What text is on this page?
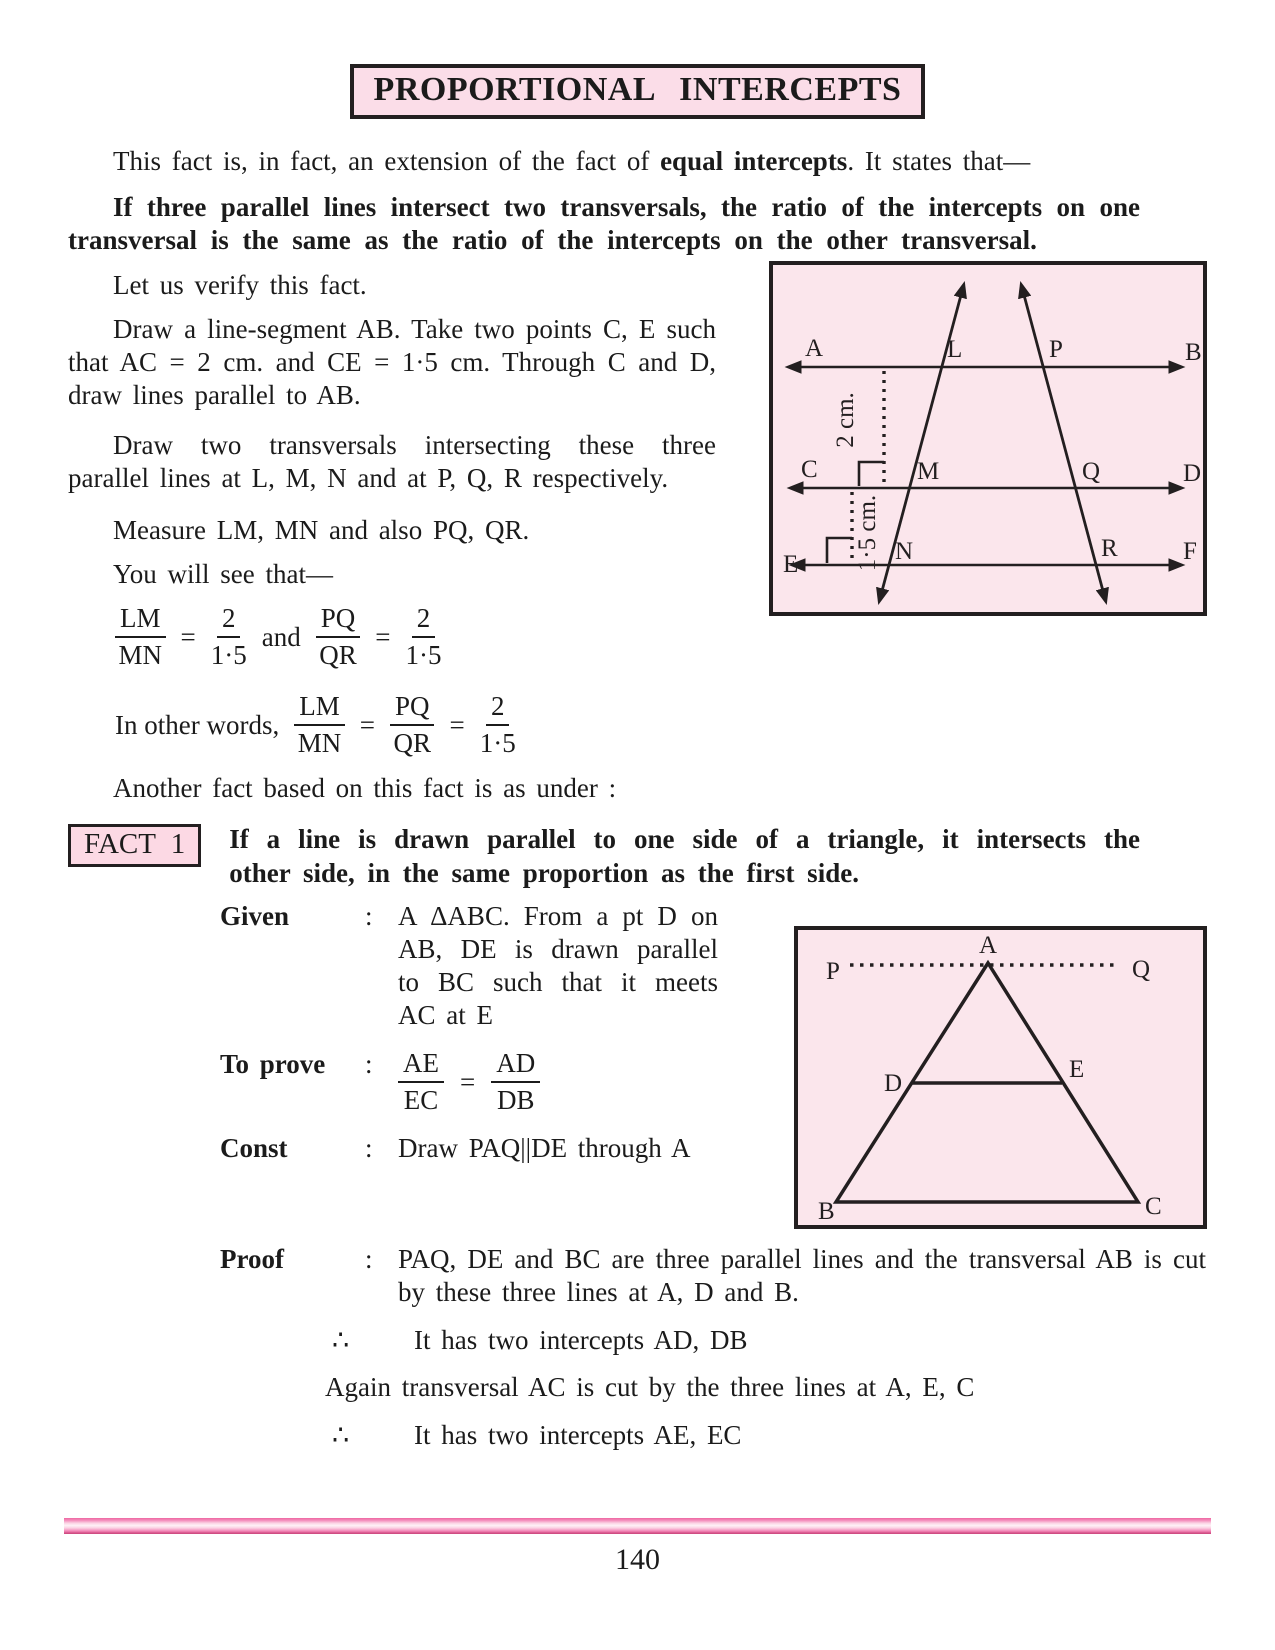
PROPORTIONAL INTERCEPTS

This fact is, in fact, an extension of the fact of equal intercepts. It states that—

If three parallel lines intersect two transversals, the ratio of the intercepts on one transversal is the same as the ratio of the intercepts on the other transversal.

Let us verify this fact.

Draw a line-segment AB. Take two points C, E such that AC = 2 cm. and CE = 1·5 cm. Through C and D, draw lines parallel to AB.

Draw two transversals intersecting these three parallel lines at L, M, N and at P, Q, R respectively.

Measure LM, MN and also PQ, QR.

You will see that—

$\frac{LM}{MN} = \frac{2}{1\cdot 5}$ and $\frac{PQ}{QR} = \frac{2}{1\cdot 5}$
In other words, $\frac{LM}{MN} = \frac{PQ}{QR} = \frac{2}{1\cdot 5}$
2 cm.
1·5 cm.
A	B
C	D
E	F
L
M
N
P
Q
R

Another fact based on this fact is as under :

FACT 1	If a line is drawn parallel to one side of a triangle, it intersects the other side, in the same proportion as the first side.
Given	: A ΔABC. From a pt D on AB, DE is drawn parallel to BC such that it meets AC at E
To prove	: $\frac{AE}{EC} = \frac{AD}{DB}$
Const	: Draw PAQ||DE through A
A
P	Q
D
E
B	C
Proof	: PAQ, DE and BC are three parallel lines and the transversal AB is cut by these three lines at A, D and B.
∴	It has two intercepts AD, DB

Again transversal AC is cut by the three lines at A, E, C

∴	It has two intercepts AE, EC
140
